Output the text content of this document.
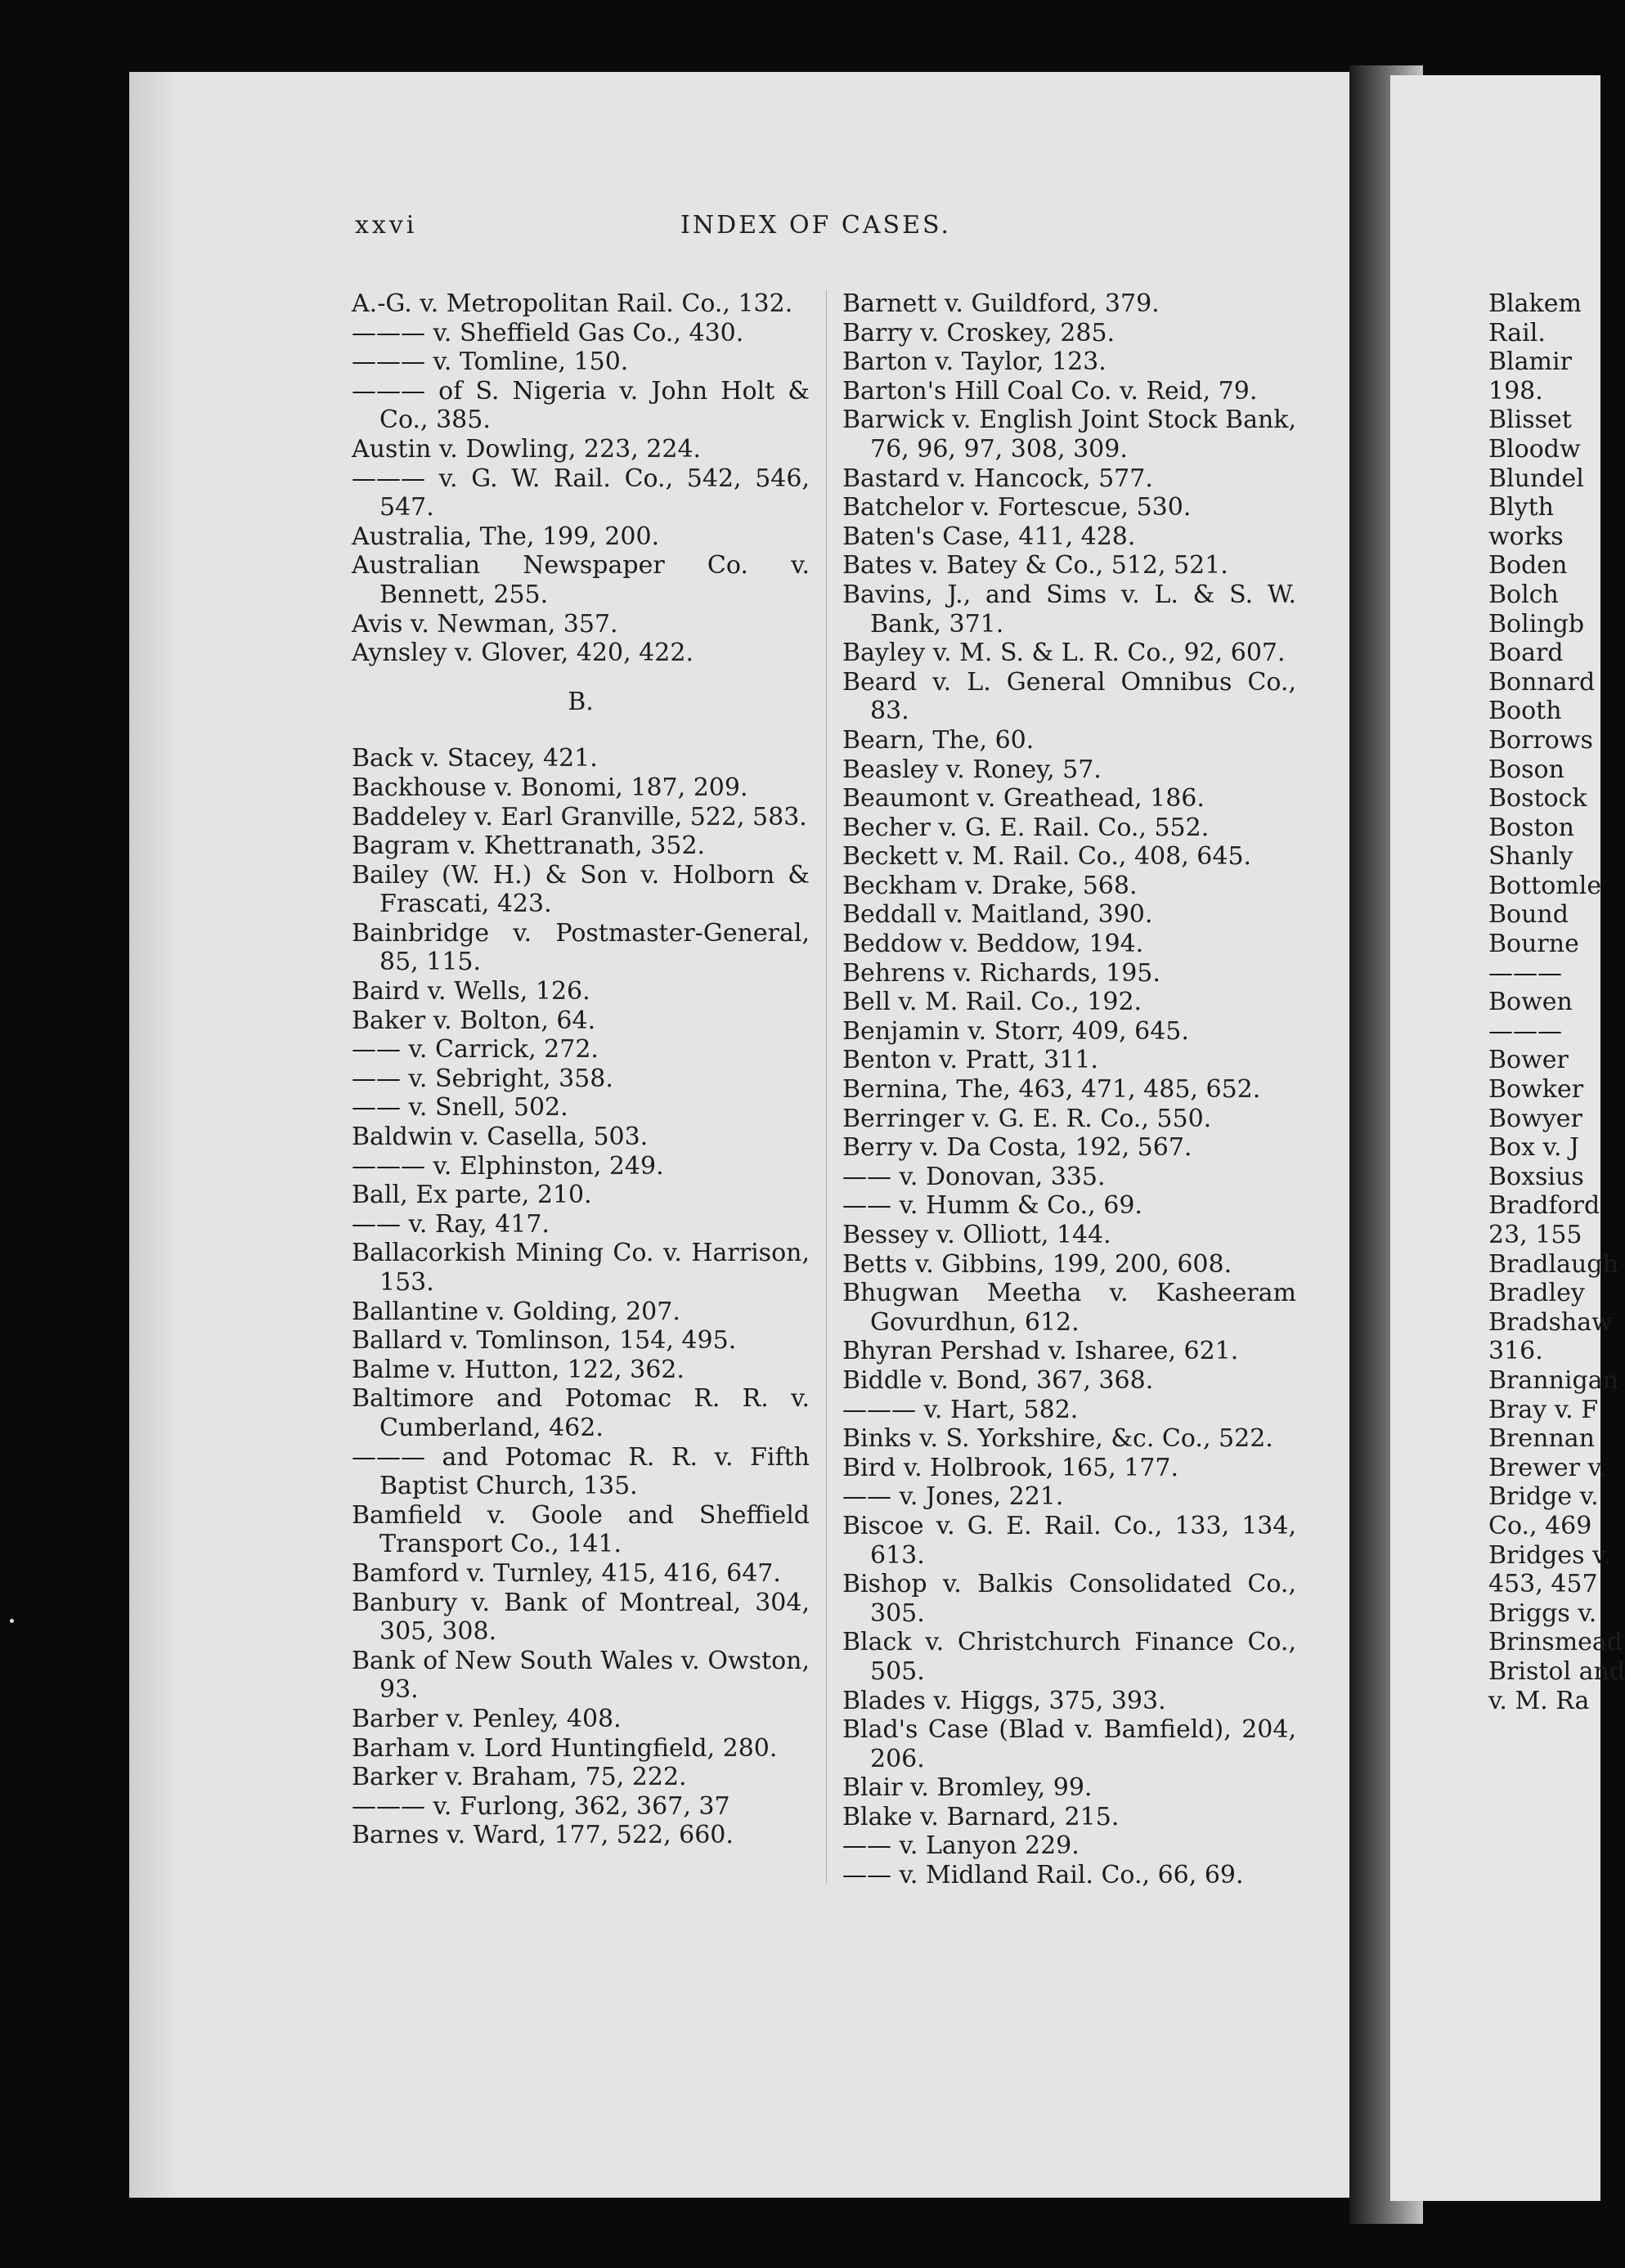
xxvi	INDEX OF CASES.
A.-G. v. Metropolitan Rail. Co., 132.
——— v. Sheffield Gas Co., 430.
——— v. Tomline, 150.
——— of S. Nigeria v. John Holt & Co., 385.
Austin v. Dowling, 223, 224.
——— v. G. W. Rail. Co., 542, 546, 547.
Australia, The, 199, 200.
Australian Newspaper Co. v. Bennett, 255.
Avis v. Newman, 357.
Aynsley v. Glover, 420, 422.
B.
Back v. Stacey, 421.
Backhouse v. Bonomi, 187, 209.
Baddeley v. Earl Granville, 522, 583.
Bagram v. Khettranath, 352.
Bailey (W. H.) & Son v. Holborn & Frascati, 423.
Bainbridge v. Postmaster-General, 85, 115.
Baird v. Wells, 126.
Baker v. Bolton, 64.
—— v. Carrick, 272.
—— v. Sebright, 358.
—— v. Snell, 502.
Baldwin v. Casella, 503.
——— v. Elphinston, 249.
Ball, Ex parte, 210.
—— v. Ray, 417.
Ballacorkish Mining Co. v. Harrison, 153.
Ballantine v. Golding, 207.
Ballard v. Tomlinson, 154, 495.
Balme v. Hutton, 122, 362.
Baltimore and Potomac R. R. v. Cumberland, 462.
——— and Potomac R. R. v. Fifth Baptist Church, 135.
Bamfield v. Goole and Sheffield Transport Co., 141.
Bamford v. Turnley, 415, 416, 647.
Banbury v. Bank of Montreal, 304, 305, 308.
Bank of New South Wales v. Owston, 93.
Barber v. Penley, 408.
Barham v. Lord Huntingfield, 280.
Barker v. Braham, 75, 222.
——— v. Furlong, 362, 367, 37
Barnes v. Ward, 177, 522, 660.
Barnett v. Guildford, 379.
Barry v. Croskey, 285.
Barton v. Taylor, 123.
Barton's Hill Coal Co. v. Reid, 79.
Barwick v. English Joint Stock Bank, 76, 96, 97, 308, 309.
Bastard v. Hancock, 577.
Batchelor v. Fortescue, 530.
Baten's Case, 411, 428.
Bates v. Batey & Co., 512, 521.
Bavins, J., and Sims v. L. & S. W. Bank, 371.
Bayley v. M. S. & L. R. Co., 92, 607.
Beard v. L. General Omnibus Co., 83.
Bearn, The, 60.
Beasley v. Roney, 57.
Beaumont v. Greathead, 186.
Becher v. G. E. Rail. Co., 552.
Beckett v. M. Rail. Co., 408, 645.
Beckham v. Drake, 568.
Beddall v. Maitland, 390.
Beddow v. Beddow, 194.
Behrens v. Richards, 195.
Bell v. M. Rail. Co., 192.
Benjamin v. Storr, 409, 645.
Benton v. Pratt, 311.
Bernina, The, 463, 471, 485, 652.
Berringer v. G. E. R. Co., 550.
Berry v. Da Costa, 192, 567.
—— v. Donovan, 335.
—— v. Humm & Co., 69.
Bessey v. Olliott, 144.
Betts v. Gibbins, 199, 200, 608.
Bhugwan Meetha v. Kasheeram Govurdhun, 612.
Bhyran Pershad v. Isharee, 621.
Biddle v. Bond, 367, 368.
——— v. Hart, 582.
Binks v. S. Yorkshire, &c. Co., 522.
Bird v. Holbrook, 165, 177.
—— v. Jones, 221.
Biscoe v. G. E. Rail. Co., 133, 134, 613.
Bishop v. Balkis Consolidated Co., 305.
Black v. Christchurch Finance Co., 505.
Blades v. Higgs, 375, 393.
Blad's Case (Blad v. Bamfield), 204, 206.
Blair v. Bromley, 99.
Blake v. Barnard, 215.
—— v. Lanyon 229.
—— v. Midland Rail. Co., 66, 69.
Blakem
Rail.
Blamir
198.
Blisset
Bloodw
Blundel
Blyth
works
Boden
Bolch
Bolingb
Board
Bonnard
Booth
Borrows
Boson
Bostock
Boston
Shanly
Bottomle
Bound
Bourne
———
Bowen
———
Bower
Bowker
Bowyer
Box v. J
Boxsius
Bradford
23, 155
Bradlaugh
Bradley
Bradshaw
316.
Brannigan
Bray v. F
Brennan
Brewer v.
Bridge v.
Co., 469
Bridges v.
453, 457
Briggs v.
Brinsmead
Bristol and
v. M. Ra
